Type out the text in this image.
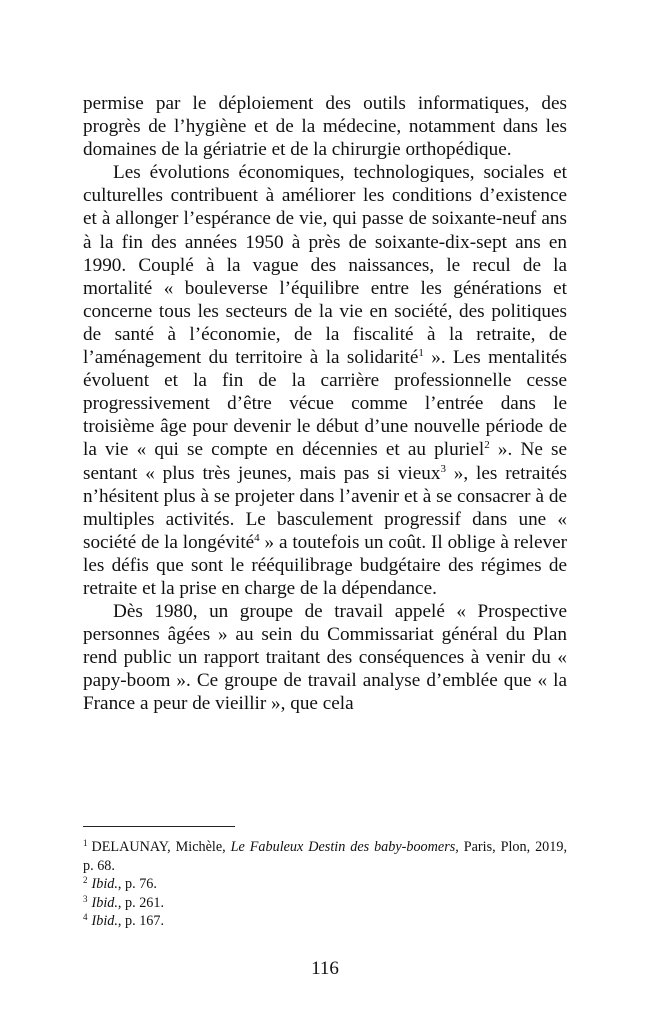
permise par le déploiement des outils informatiques, des progrès de l’hygiène et de la médecine, notamment dans les domaines de la gériatrie et de la chirurgie orthopédique.

Les évolutions économiques, technologiques, sociales et culturelles contribuent à améliorer les conditions d’existence et à allonger l’espérance de vie, qui passe de soixante-neuf ans à la fin des années 1950 à près de soixante-dix-sept ans en 1990. Couplé à la vague des naissances, le recul de la mortalité « bouleverse l’équilibre entre les générations et concerne tous les secteurs de la vie en société, des politiques de santé à l’économie, de la fiscalité à la retraite, de l’aménagement du territoire à la solidarité$^1$ ». Les mentalités évoluent et la fin de la carrière professionnelle cesse progressivement d’être vécue comme l’entrée dans le troisième âge pour devenir le début d’une nouvelle période de la vie « qui se compte en décennies et au pluriel$^2$ ». Ne se sentant « plus très jeunes, mais pas si vieux$^3$ », les retraités n’hésitent plus à se projeter dans l’avenir et à se consacrer à de multiples activités. Le basculement progressif dans une « société de la longévité$^4$ » a toutefois un coût. Il oblige à relever les défis que sont le rééquilibrage budgétaire des régimes de retraite et la prise en charge de la dépendance.

Dès 1980, un groupe de travail appelé « Prospective personnes âgées » au sein du Commissariat général du Plan rend public un rapport traitant des conséquences à venir du « papy-boom ». Ce groupe de travail analyse d’emblée que « la France a peur de vieillir », que cela

$^1$ DELAUNAY, Michèle, Le Fabuleux Destin des baby-boomers, Paris, Plon, 2019, p. 68.

$^2$ Ibid., p. 76.

$^3$ Ibid., p. 261.

$^4$ Ibid., p. 167.

116
